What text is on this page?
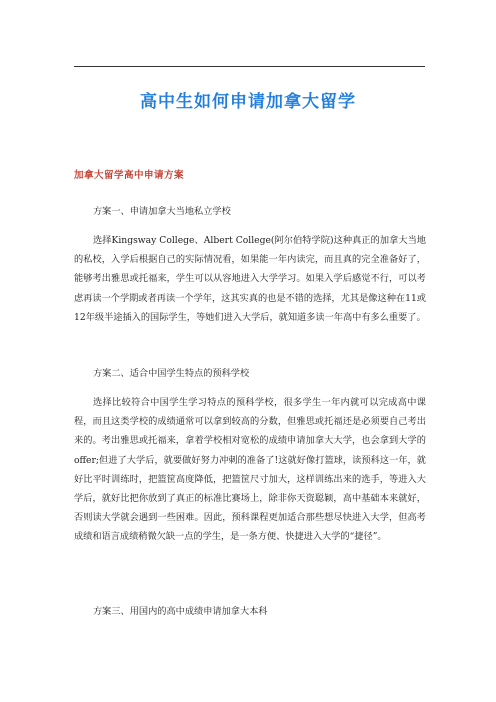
高中生如何申请加拿大留学
加拿大留学高中申请方案
方案一、申请加拿大当地私立学校
选择Kingsway College、Albert College(阿尔伯特学院)这种真正的加拿大当地的私校，入学后根据自己的实际情况看，如果能一年内读完，而且真的完全准备好了，能够考出雅思或托福来，学生可以从容地进入大学学习。如果入学后感觉不行，可以考虑再读一个学期或者再读一个学年，这其实真的也是不错的选择，尤其是像这种在11或12年级半途插入的国际学生，等她们进入大学后，就知道多读一年高中有多么重要了。
方案二、适合中国学生特点的预科学校
选择比较符合中国学生学习特点的预科学校，很多学生一年内就可以完成高中课程，而且这类学校的成绩通常可以拿到较高的分数，但雅思或托福还是必须要自己考出来的。考出雅思或托福来，拿着学校相对宽松的成绩申请加拿大大学，也会拿到大学的offer;但进了大学后，就要做好努力冲刺的准备了!这就好像打篮球，读预科这一年，就好比平时训练时，把篮筐高度降低，把篮筐尺寸加大，这样训练出来的选手，等进入大学后，就好比把你放到了真正的标准比赛场上，除非你天资聪颖，高中基础本来就好，否则读大学就会遇到一些困难。因此，预科课程更加适合那些想尽快进入大学，但高考成绩和语言成绩稍微欠缺一点的学生，是一条方便、快捷进入大学的“捷径”。
方案三、用国内的高中成绩申请加拿大本科
